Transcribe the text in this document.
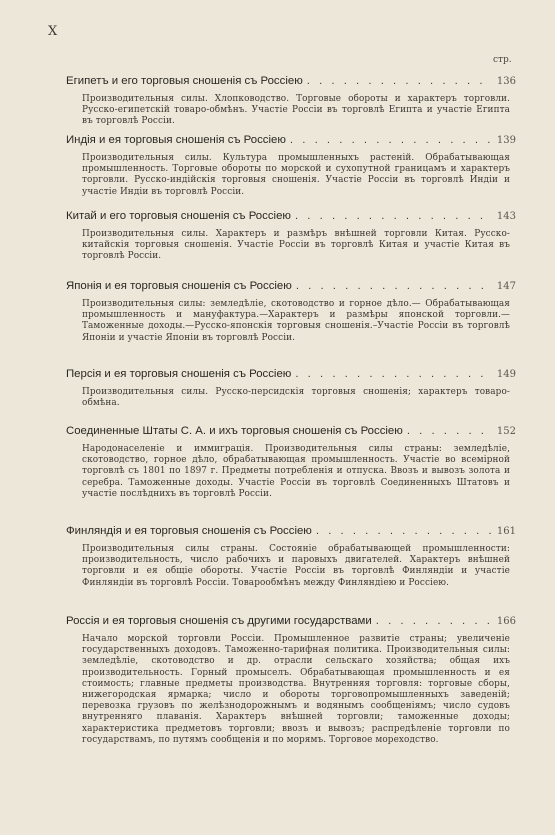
X
стр.
Египетъ и его торговыя сношенія съ Россіею . . .	136
Производительныя силы. Хлопководство. Торговые обороты и характеръ торговли. Русско-египетскій товаро-обмѣнъ. Участіе Россіи въ торговлѣ Египта и участіе Египта въ торговлѣ Россіи.
Индія и ея торговыя сношенія съ Россіею . . .	139
Производительныя силы. Культура промышленныхъ растеній. Обрабатывающая промышленность. Торговые обороты по морской и сухопутной границамъ и характеръ торговли. Русско-индійскія торговыя сношенія. Участіе Россіи въ торговлѣ Индіи и участіе Индіи въ торговлѣ Россіи.
Китай и его торговыя сношенія съ Россіею . . .	143
Производительныя силы. Характеръ и размѣръ внѣшней торговли Китая. Русско-китайскія торговыя сношенія. Участіе Россіи въ торговлѣ Китая и участіе Китая въ торговлѣ Россіи.
Японія и ея торговыя сношенія съ Россіею . . .	147
Производительныя силы: земледѣліе, скотоводство и горное дѣло.— Обрабатывающая промышленность и мануфактура.—Характеръ и размѣры японской торговли.—Таможенные доходы.—Русско-японскія торговыя сношенія.–Участіе Россіи въ торговлѣ Японіи и участіе Японіи въ торговлѣ Россіи.
Персія и ея торговыя сношенія съ Россіею . . .	149
Производительныя силы. Русско-персидскія торговыя сношенія; характеръ товаро-обмѣна.
Соединенные Штаты С. А. и ихъ торговыя сношенія съ Россіею . . .	152
Народонаселеніе и иммиграція. Производительныя силы страны: земледѣліе, скотоводство, горное дѣло, обрабатывающая промышленность. Участіе во всемірной торговлѣ съ 1801 по 1897 г. Предметы потребленія и отпуска. Ввозъ и вывозъ золота и серебра. Таможенные доходы. Участіе Россіи въ торговлѣ Соединенныхъ Штатовъ и участіе послѣднихъ въ торговлѣ Россіи.
Финляндія и ея торговыя сношенія съ Россіею . . .	161
Производительныя силы страны. Состояніе обрабатывающей промышленности: производительность, число рабочихъ и паровыхъ двигателей. Характеръ внѣшней торговли и ея общіе обороты. Участіе Россіи въ торговлѣ Финляндіи и участіе Финляндіи въ торговлѣ Россіи. Товарообмѣнъ между Финляндіею и Россіею.
Россія и ея торговыя сношенія съ другими государствами . . .	166
Начало морской торговли Россіи. Промышленное развитіе страны; увеличеніе государственныхъ доходовъ. Таможенно-тарифная политика. Производительныя силы: земледѣліе, скотоводство и др. отрасли сельскаго хозяйства; общая ихъ производительность. Горный промыселъ. Обрабатывающая промышленность и ея стоимость; главные предметы производства. Внутренняя торговля: торговые сборы, нижегородская ярмарка; число и обороты торговопромышленныхъ заведеній; перевозка грузовъ по желѣзнодорожнымъ и водянымъ сообщеніямъ; число судовъ внутренняго плаванія. Характеръ внѣшней торговли; таможенные доходы; характеристика предметовъ торговли; ввозъ и вывозъ; распредѣленіе торговли по государствамъ, по путямъ сообщенія и по морямъ. Торговое мореходство.
